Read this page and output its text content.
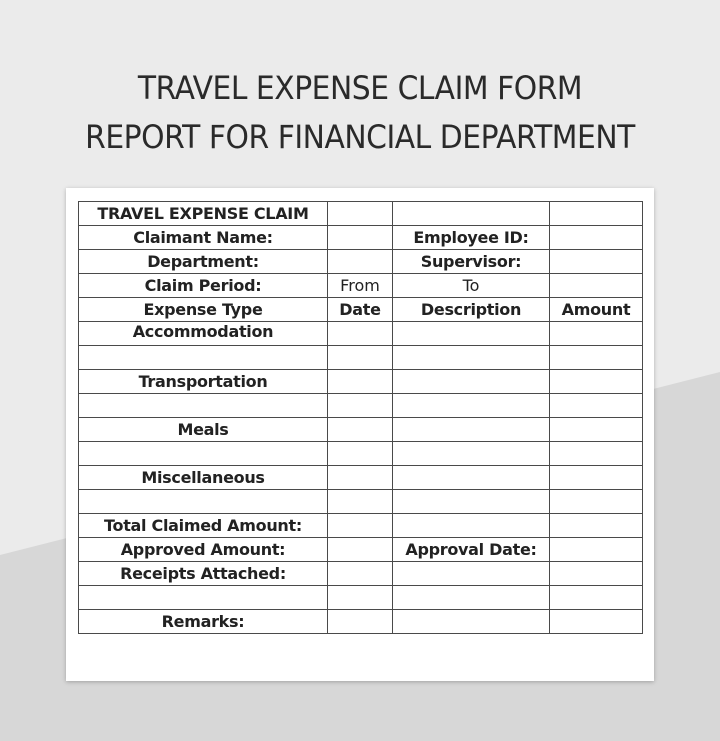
TRAVEL EXPENSE CLAIM FORM
REPORT FOR FINANCIAL DEPARTMENT
TRAVEL EXPENSE CLAIM			
Claimant Name:		Employee ID:	
Department:		Supervisor:	
Claim Period:	From	To	
Expense Type	Date	Description	Amount
Accommodation			

Transportation			

Meals			

Miscellaneous			

Total Claimed Amount:			
Approved Amount:		Approval Date:	
Receipts Attached:			

Remarks:			
